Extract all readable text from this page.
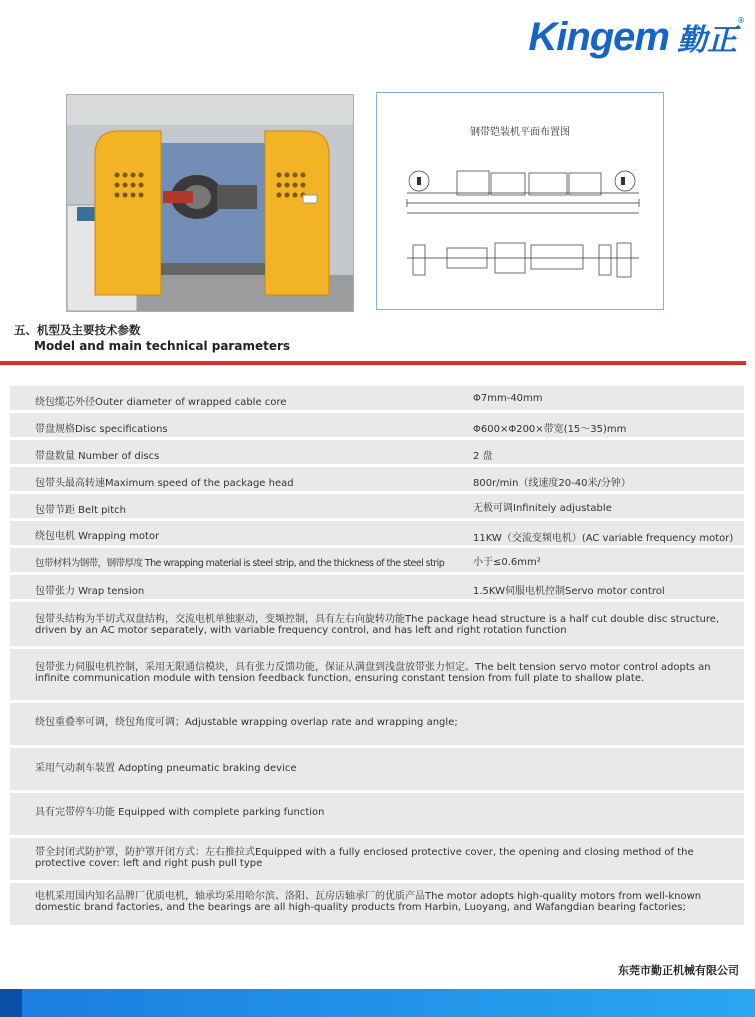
Kingem 勤正
®
钢带铠装机平面布置图
五、机型及主要技术参数
Model and main technical parameters
绕包缆芯外径Outer diameter of wrapped cable core	Φ7mm-40mm
带盘规格Disc specifications	Φ600×Φ200×带宽(15～35)mm
带盘数量 Number of discs	2 盘
包带头最高转速Maximum speed of the package head	800r/min（线速度20-40米/分钟）
包带节距 Belt pitch	无极可调Infinitely adjustable
绕包电机 Wrapping motor	11KW（交流变频电机）(AC variable frequency motor)
包带材料为钢带，钢带厚度 The wrapping material is steel strip, and the thickness of the steel strip	小于≤0.6mm²
包带张力 Wrap tension	1.5KW伺服电机控制Servo motor control
包带头结构为半切式双盘结构，交流电机单独驱动，变频控制，具有左右向旋转功能The package head structure is a half cut double disc structure, driven by an AC motor separately, with variable frequency control, and has left and right rotation function
包带张力伺服电机控制，采用无限通信模块，具有张力反馈功能，保证从满盘到浅盘放带张力恒定。The belt tension servo motor control adopts an infinite communication module with tension feedback function, ensuring constant tension from full plate to shallow plate.
绕包重叠率可调，绕包角度可调；Adjustable wrapping overlap rate and wrapping angle;
采用气动刹车装置 Adopting pneumatic braking device
具有完带停车功能 Equipped with complete parking function
带全封闭式防护罩，防护罩开闭方式：左右推拉式Equipped with a fully enclosed protective cover, the opening and closing method of the protective cover: left and right push pull type
电机采用国内知名品牌厂优质电机，轴承均采用哈尔滨、洛阳、瓦房店轴承厂的优质产品The motor adopts high-quality motors from well-known domestic brand factories, and the bearings are all high-quality products from Harbin, Luoyang, and Wafangdian bearing factories;
东莞市勤正机械有限公司
